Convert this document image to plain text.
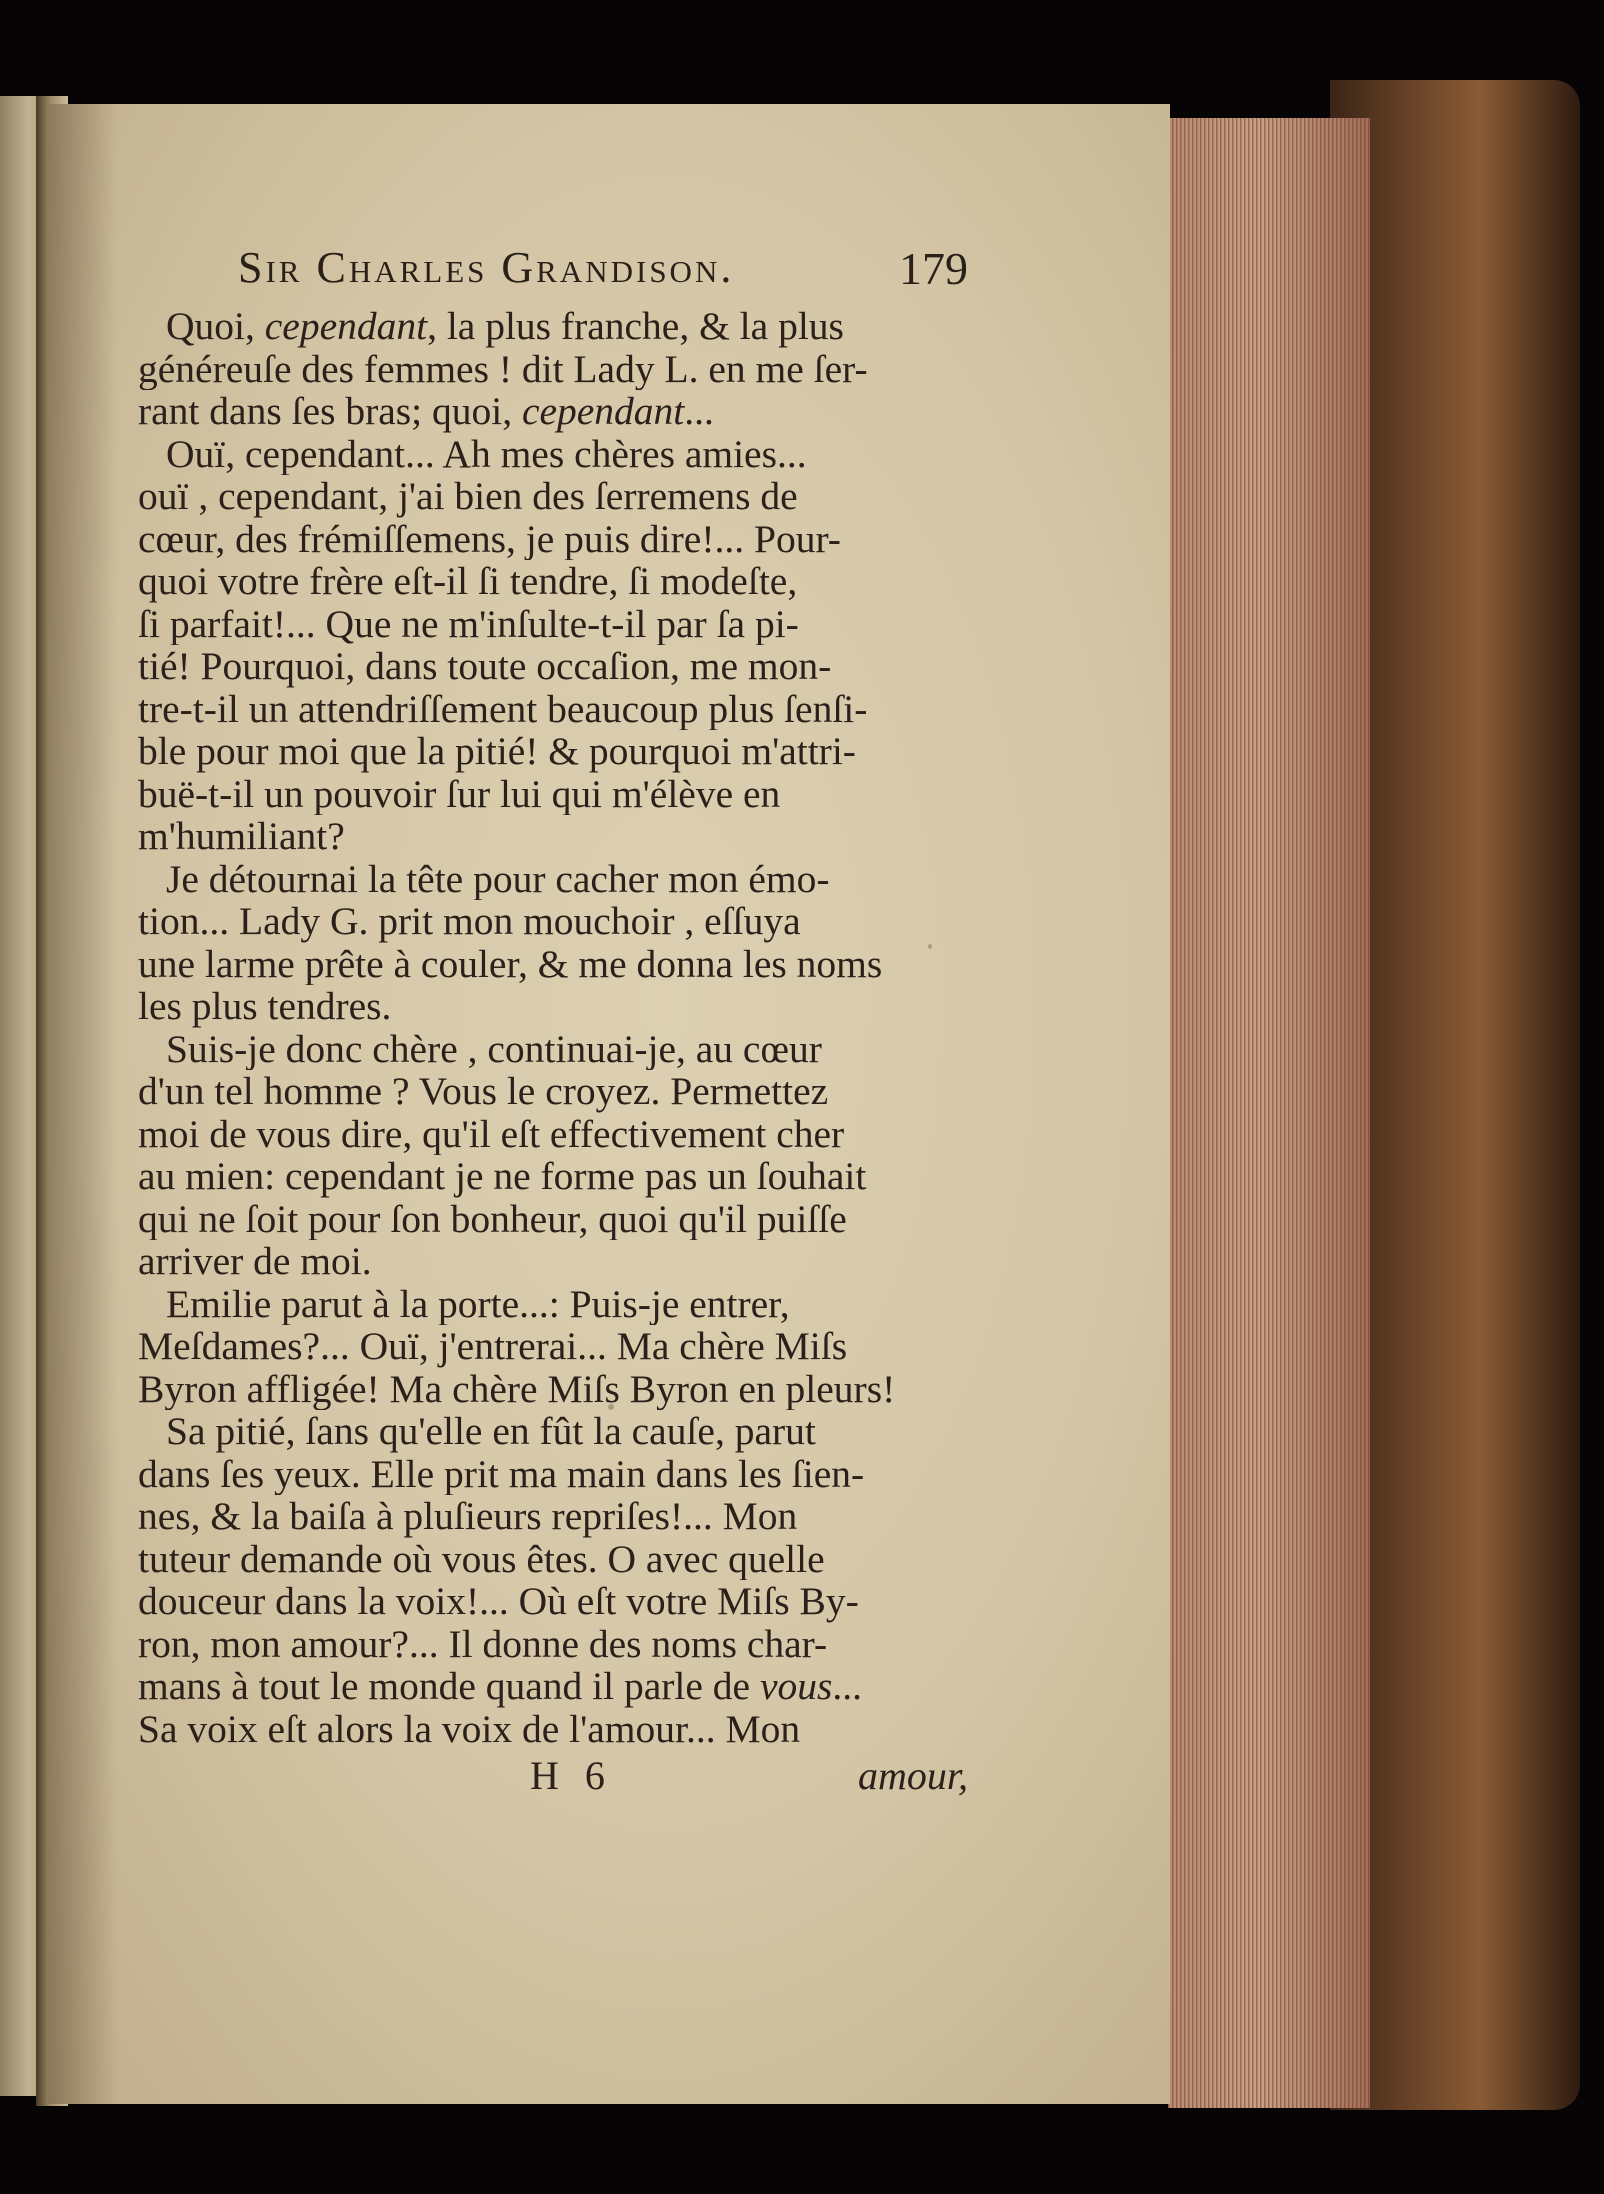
Sir Charles Grandison.	179
Quoi, cependant, la plus franche, & la plus
généreuſe des femmes ! dit Lady L. en me ſer-
rant dans ſes bras; quoi, cependant...
Ouï, cependant... Ah mes chères amies...
ouï , cependant, j'ai bien des ſerremens de
cœur, des frémiſſemens, je puis dire!... Pour-
quoi votre frère eſt-il ſi tendre, ſi modeſte,
ſi parfait!... Que ne m'inſulte-t-il par ſa pi-
tié! Pourquoi, dans toute occaſion, me mon-
tre-t-il un attendriſſement beaucoup plus ſenſi-
ble pour moi que la pitié! & pourquoi m'attri-
buë-t-il un pouvoir ſur lui qui m'élève en
m'humiliant?
Je détournai la tête pour cacher mon émo-
tion... Lady G. prit mon mouchoir , eſſuya
une larme prête à couler, & me donna les noms
les plus tendres.
Suis-je donc chère , continuai-je, au cœur
d'un tel homme ? Vous le croyez. Permettez
moi de vous dire, qu'il eſt effectivement cher
au mien: cependant je ne forme pas un ſouhait
qui ne ſoit pour ſon bonheur, quoi qu'il puiſſe
arriver de moi.
Emilie parut à la porte...: Puis-je entrer,
Meſdames?... Ouï, j'entrerai... Ma chère Miſs
Byron affligée! Ma chère Miſs Byron en pleurs!
Sa pitié, ſans qu'elle en fût la cauſe, parut
dans ſes yeux. Elle prit ma main dans les ſien-
nes, & la baiſa à pluſieurs repriſes!... Mon
tuteur demande où vous êtes. O avec quelle
douceur dans la voix!... Où eſt votre Miſs By-
ron, mon amour?... Il donne des noms char-
mans à tout le monde quand il parle de vous...
Sa voix eſt alors la voix de l'amour... Mon
H 6	amour,
